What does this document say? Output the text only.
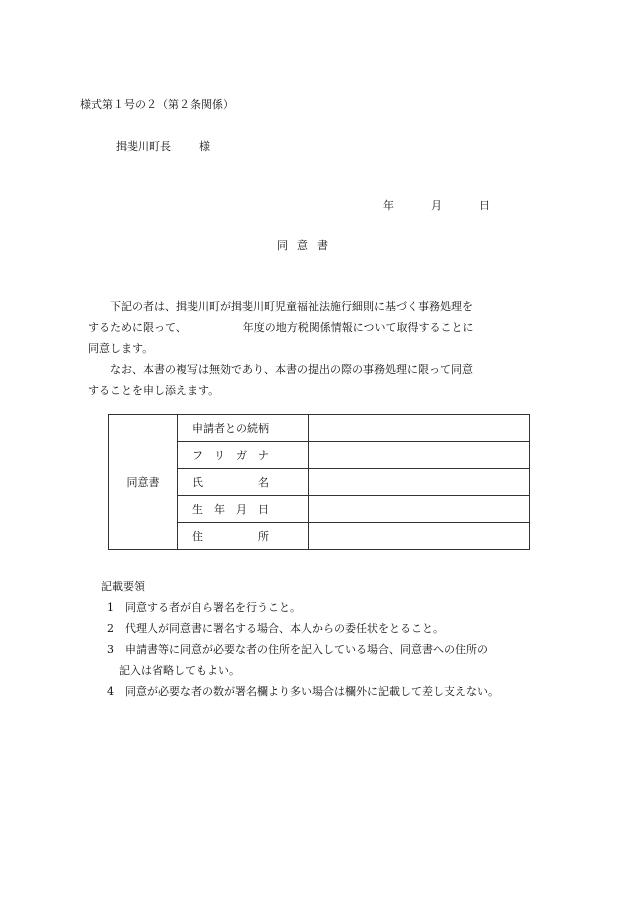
様式第１号の２（第２条関係）
揖斐川町長	様
年	月	日
同意書
下記の者は、揖斐川町が揖斐川町児童福祉法施行細則に基づく事務処理を
するために限って、	年度の地方税関係情報について取得することに
同意します。
なお、本書の複写は無効であり、本書の提出の際の事務処理に限って同意
することを申し添えます。
同意書	申請者との続柄	
	フ　リ　ガ　ナ	
	氏　　　　　名	
	生　年　月　日	
	住　　　　　所	
記載要領
1　同意する者が自ら署名を行うこと。
2　代理人が同意書に署名する場合、本人からの委任状をとること。
3　申請書等に同意が必要な者の住所を記入している場合、同意書への住所の
記入は省略してもよい。
4　同意が必要な者の数が署名欄より多い場合は欄外に記載して差し支えない。
